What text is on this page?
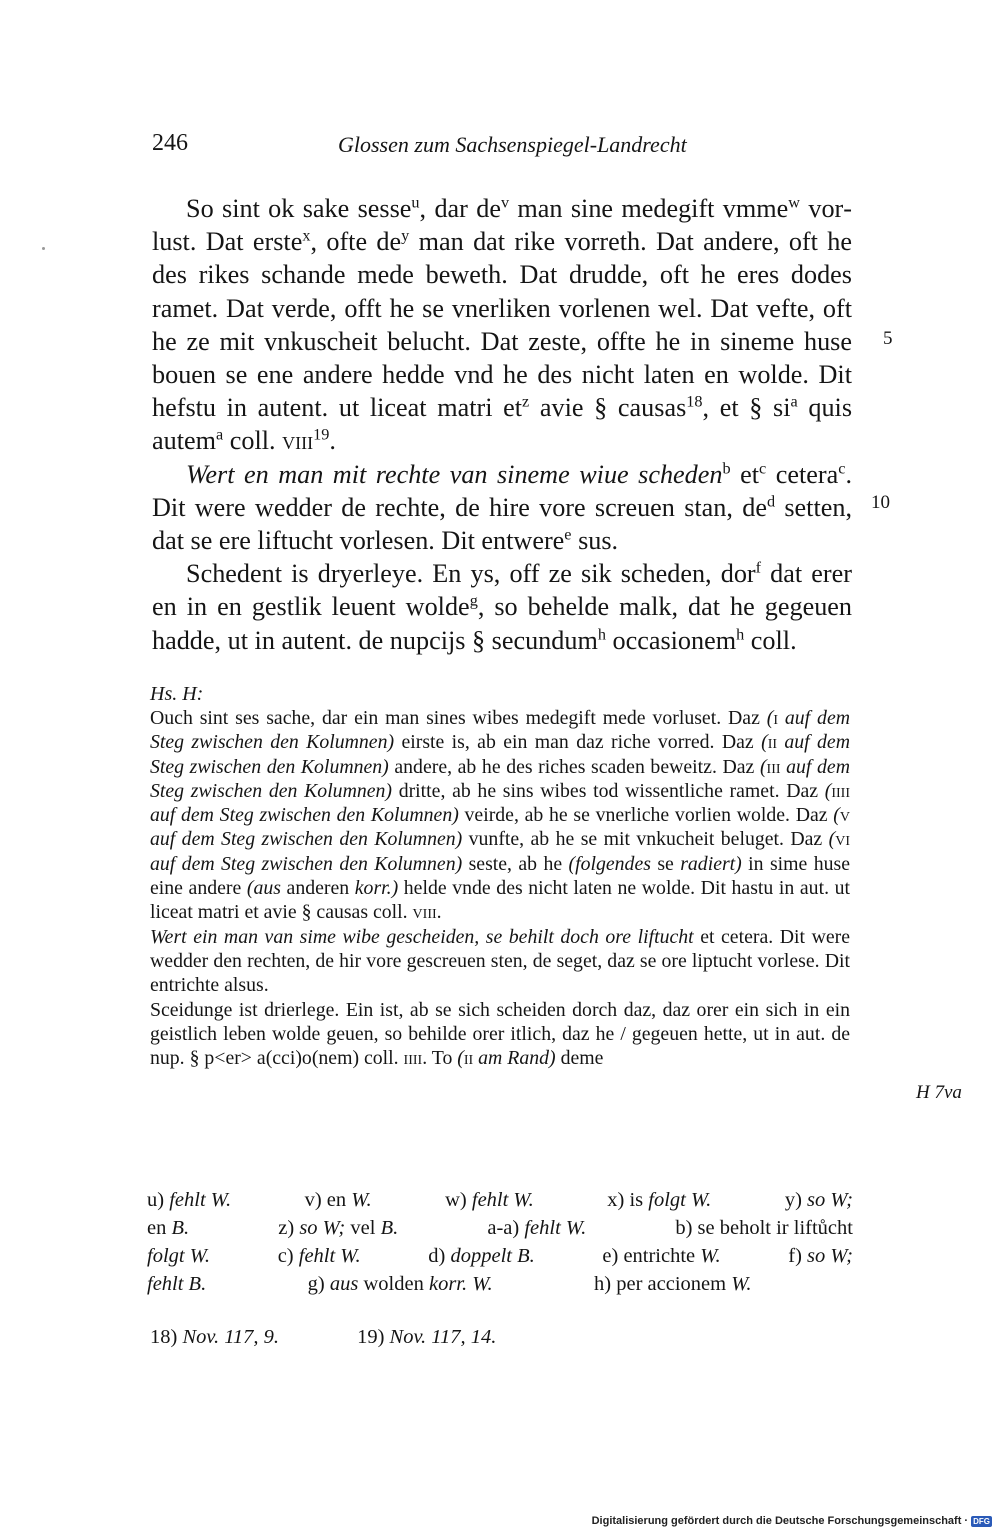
246	Glossen zum Sachsenspiegel-Landrecht

So sint ok sake sesse$^u$, dar $de^v$ man sine medegift vmme$^w$ vorlust. Dat erste$^x$, ofte $de^y$ man dat rike vorreth. Dat andere, oft he des rikes schande mede beweth. Dat drudde, oft he eres dodes ramet. Dat verde, offt he se vnerliken vorlenen wel. Dat vefte, oft he ze mit vnkuscheit belucht. Dat zeste, offte he in sineme huse bouen se ene andere hedde vnd he des nicht laten en wolde. Dit hefstu in autent. ut liceat matri $et^z$ avie § causas$^{18}$, et § $si^a$ quis autem$^a$ coll. viii$^{19}$.

Wert en man mit rechte van sineme wiue scheden$^b$ $et^c$ cetera$^c$. Dit were wedder de rechte, de hire vore screuen stan, $de^d$ setten, dat se ere liftucht vorlesen. Dit entwere$^e$ sus.

Schedent is dryerleye. En ys, off ze sik scheden, dor$^f$ dat erer en in en gestlik leuent wolde$^g$, so behelde malk, dat he gegeuen hadde, ut in autent. de nupcijs § secundum$^h$ occasionem$^h$ coll.

5
10
Hs. H:

Ouch sint ses sache, dar ein man sines wibes medegift mede vorluset. Daz (i auf dem Steg zwischen den Kolumnen) eirste is, ab ein man daz riche vorred. Daz (ii auf dem Steg zwischen den Kolumnen) andere, ab he des riches scaden beweitz. Daz (iii auf dem Steg zwischen den Kolumnen) dritte, ab he sins wibes tod wissentliche ramet. Daz (iiii auf dem Steg zwischen den Kolumnen) veirde, ab he se vnerliche vorlien wolde. Daz (v auf dem Steg zwischen den Kolumnen) vunfte, ab he se mit vnkucheit beluget. Daz (vi auf dem Steg zwischen den Kolumnen) seste, ab he (folgendes se radiert) in sime huse eine andere (aus anderen korr.) helde vnde des nicht laten ne wolde. Dit hastu in aut. ut liceat matri et avie § causas coll. viii.

Wert ein man van sime wibe gescheiden, se behilt doch ore liftucht et cetera. Dit were wedder den rechten, de hir vore gescreuen sten, de seget, daz se ore liptucht vorlese. Dit entrichte alsus.

Sceidunge ist drierlege. Ein ist, ab se sich scheiden dorch daz, daz orer ein sich in ein geistlich leben wolde geuen, so behilde orer itlich, daz he / gegeuen hette, ut in aut. de nup. § p<er> a(cci)o(nem) coll. iiii. To (ii am Rand) deme

H 7va
u) fehlt W.	v) en W.	w) fehlt W.	x) is folgt W.	y) so W;
en B.	z) so W; vel B.	a-a) fehlt W.	b) se beholt ir liftůcht
folgt W.	c) fehlt W.	d) doppelt B.	e) entrichte W.	f) so W;
fehlt B.	g) aus wolden korr. W.	h) per accionem W.
18) Nov. 117, 9.	19) Nov. 117, 14.
Digitalisierung gefördert durch die Deutsche Forschungsgemeinschaft · DFG
